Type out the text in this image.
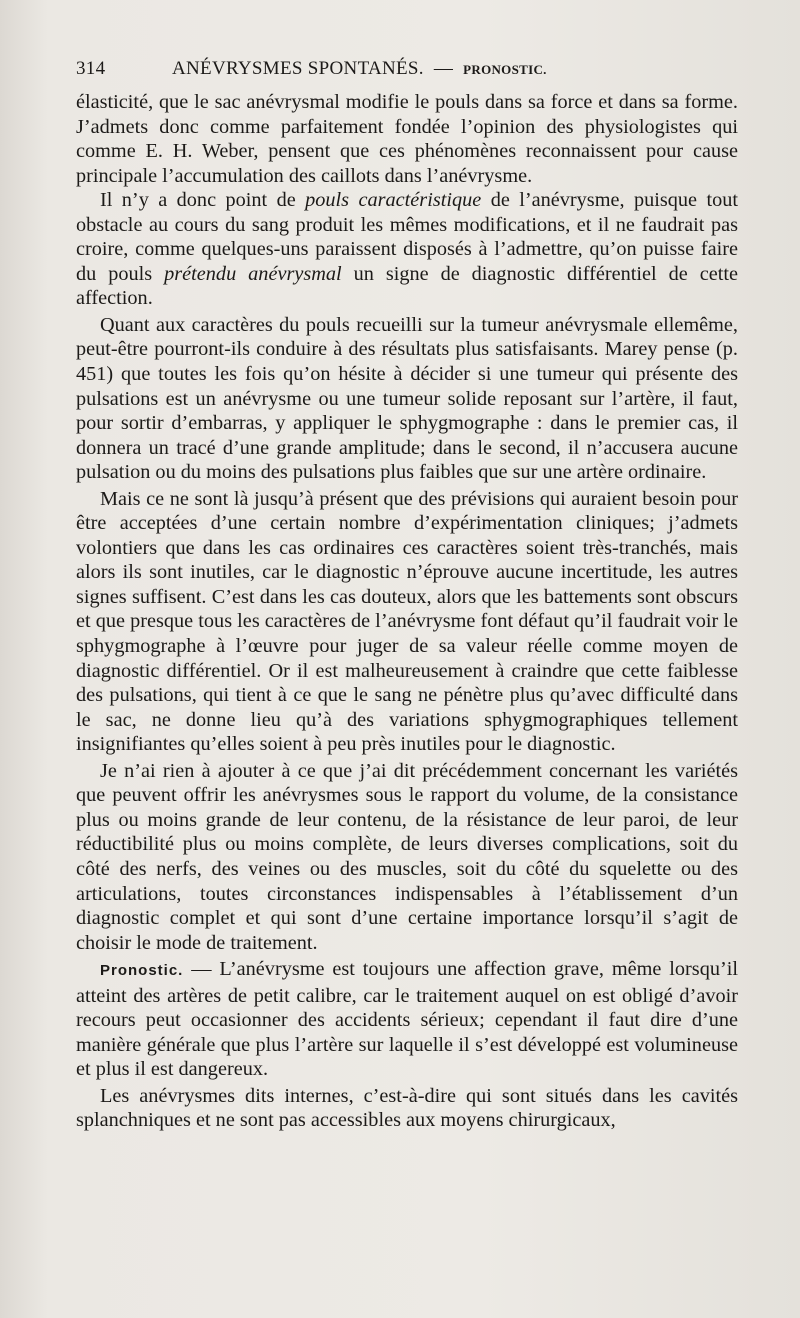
314	ANÉVRYSMES SPONTANÉS. — PRONOSTIC.

élasticité, que le sac anévrysmal modifie le pouls dans sa force et dans sa forme. J’admets donc comme parfaitement fondée l’opinion des physiologistes qui comme E. H. Weber, pensent que ces phénomènes reconnaissent pour cause principale l’accumulation des caillots dans l’anévrysme.

Il n’y a donc point de pouls caractéristique de l’anévrysme, puisque tout obstacle au cours du sang produit les mêmes modifications, et il ne faudrait pas croire, comme quelques-uns paraissent disposés à l’admettre, qu’on puisse faire du pouls prétendu anévrysmal un signe de diagnostic différentiel de cette affection.

Quant aux caractères du pouls recueilli sur la tumeur anévrysmale ellemême, peut-être pourront-ils conduire à des résultats plus satisfaisants. Marey pense (p. 451) que toutes les fois qu’on hésite à décider si une tumeur qui présente des pulsations est un anévrysme ou une tumeur solide reposant sur l’artère, il faut, pour sortir d’embarras, y appliquer le sphygmographe : dans le premier cas, il donnera un tracé d’une grande amplitude; dans le second, il n’accusera aucune pulsation ou du moins des pulsations plus faibles que sur une artère ordinaire.

Mais ce ne sont là jusqu’à présent que des prévisions qui auraient besoin pour être acceptées d’une certain nombre d’expérimentation cliniques; j’admets volontiers que dans les cas ordinaires ces caractères soient très-tranchés, mais alors ils sont inutiles, car le diagnostic n’éprouve aucune incertitude, les autres signes suffisent. C’est dans les cas douteux, alors que les battements sont obscurs et que presque tous les caractères de l’anévrysme font défaut qu’il faudrait voir le sphygmographe à l’œuvre pour juger de sa valeur réelle comme moyen de diagnostic différentiel. Or il est malheureusement à craindre que cette faiblesse des pulsations, qui tient à ce que le sang ne pénètre plus qu’avec difficulté dans le sac, ne donne lieu qu’à des variations sphygmographiques tellement insignifiantes qu’elles soient à peu près inutiles pour le diagnostic.

Je n’ai rien à ajouter à ce que j’ai dit précédemment concernant les variétés que peuvent offrir les anévrysmes sous le rapport du volume, de la consistance plus ou moins grande de leur contenu, de la résistance de leur paroi, de leur réductibilité plus ou moins complète, de leurs diverses complications, soit du côté des nerfs, des veines ou des muscles, soit du côté du squelette ou des articulations, toutes circonstances indispensables à l’établissement d’un diagnostic complet et qui sont d’une certaine importance lorsqu’il s’agit de choisir le mode de traitement.

Pronostic. — L’anévrysme est toujours une affection grave, même lorsqu’il atteint des artères de petit calibre, car le traitement auquel on est obligé d’avoir recours peut occasionner des accidents sérieux; cependant il faut dire d’une manière générale que plus l’artère sur laquelle il s’est développé est volumineuse et plus il est dangereux.

Les anévrysmes dits internes, c’est-à-dire qui sont situés dans les cavités splanchniques et ne sont pas accessibles aux moyens chirurgicaux,
